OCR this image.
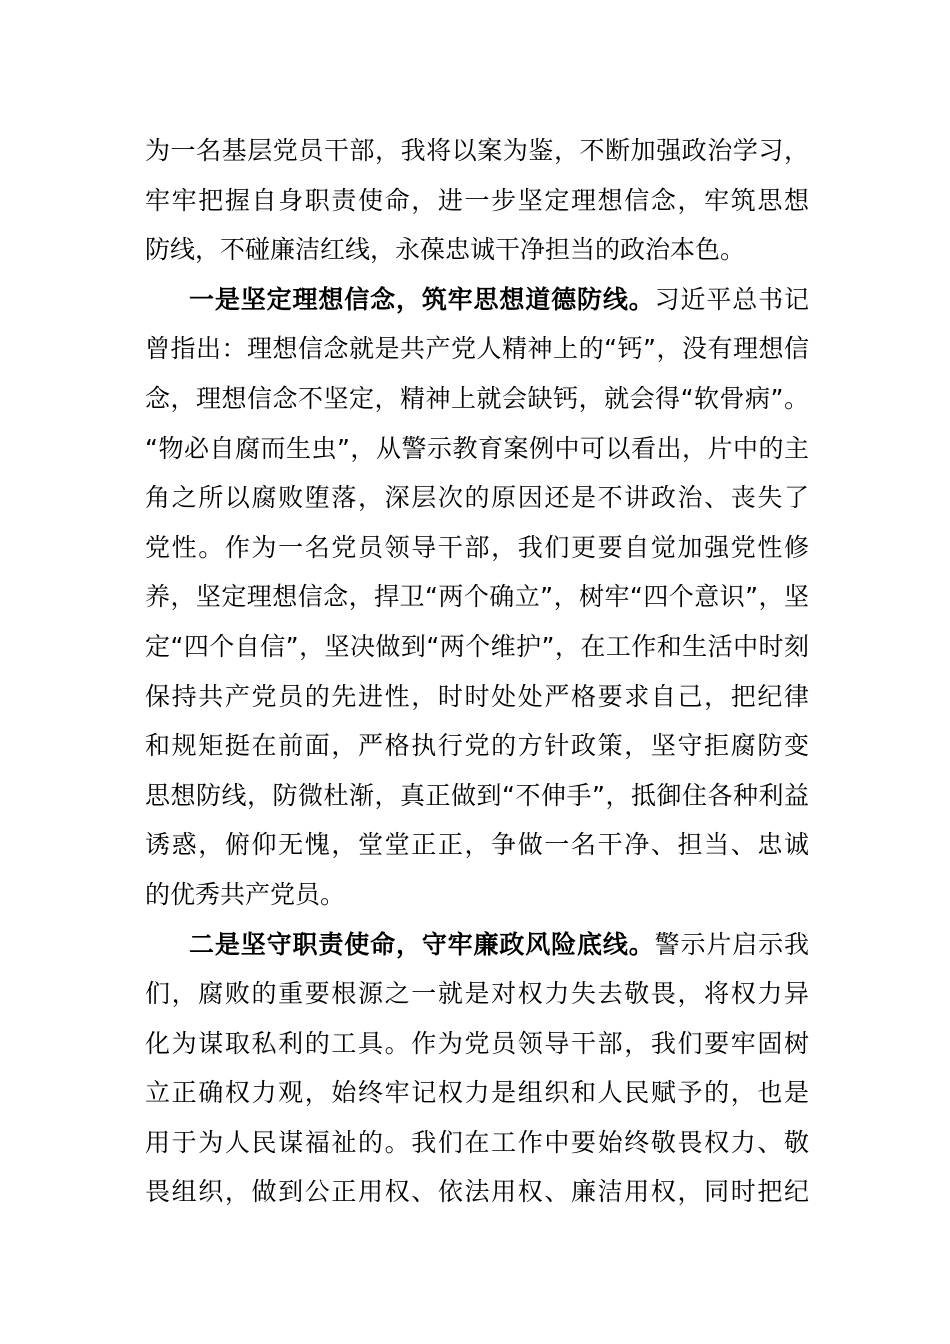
为一名基层党员干部，我将以案为鉴，不断加强政治学习，
牢牢把握自身职责使命，进一步坚定理想信念，牢筑思想
防线，不碰廉洁红线，永葆忠诚干净担当的政治本色。
一是坚定理想信念，筑牢思想道德防线。习近平总书记
曾指出：理想信念就是共产党人精神上的“钙”，没有理想信
念，理想信念不坚定，精神上就会缺钙，就会得“软骨病”。
“物必自腐而生虫”，从警示教育案例中可以看出，片中的主
角之所以腐败堕落，深层次的原因还是不讲政治、丧失了
党性。作为一名党员领导干部，我们更要自觉加强党性修
养，坚定理想信念，捍卫“两个确立”，树牢“四个意识”，坚
定“四个自信”，坚决做到“两个维护”，在工作和生活中时刻
保持共产党员的先进性，时时处处严格要求自己，把纪律
和规矩挺在前面，严格执行党的方针政策，坚守拒腐防变
思想防线，防微杜渐，真正做到“不伸手”，抵御住各种利益
诱惑，俯仰无愧，堂堂正正，争做一名干净、担当、忠诚
的优秀共产党员。
二是坚守职责使命，守牢廉政风险底线。警示片启示我
们，腐败的重要根源之一就是对权力失去敬畏，将权力异
化为谋取私利的工具。作为党员领导干部，我们要牢固树
立正确权力观，始终牢记权力是组织和人民赋予的，也是
用于为人民谋福祉的。我们在工作中要始终敬畏权力、敬
畏组织，做到公正用权、依法用权、廉洁用权，同时把纪
